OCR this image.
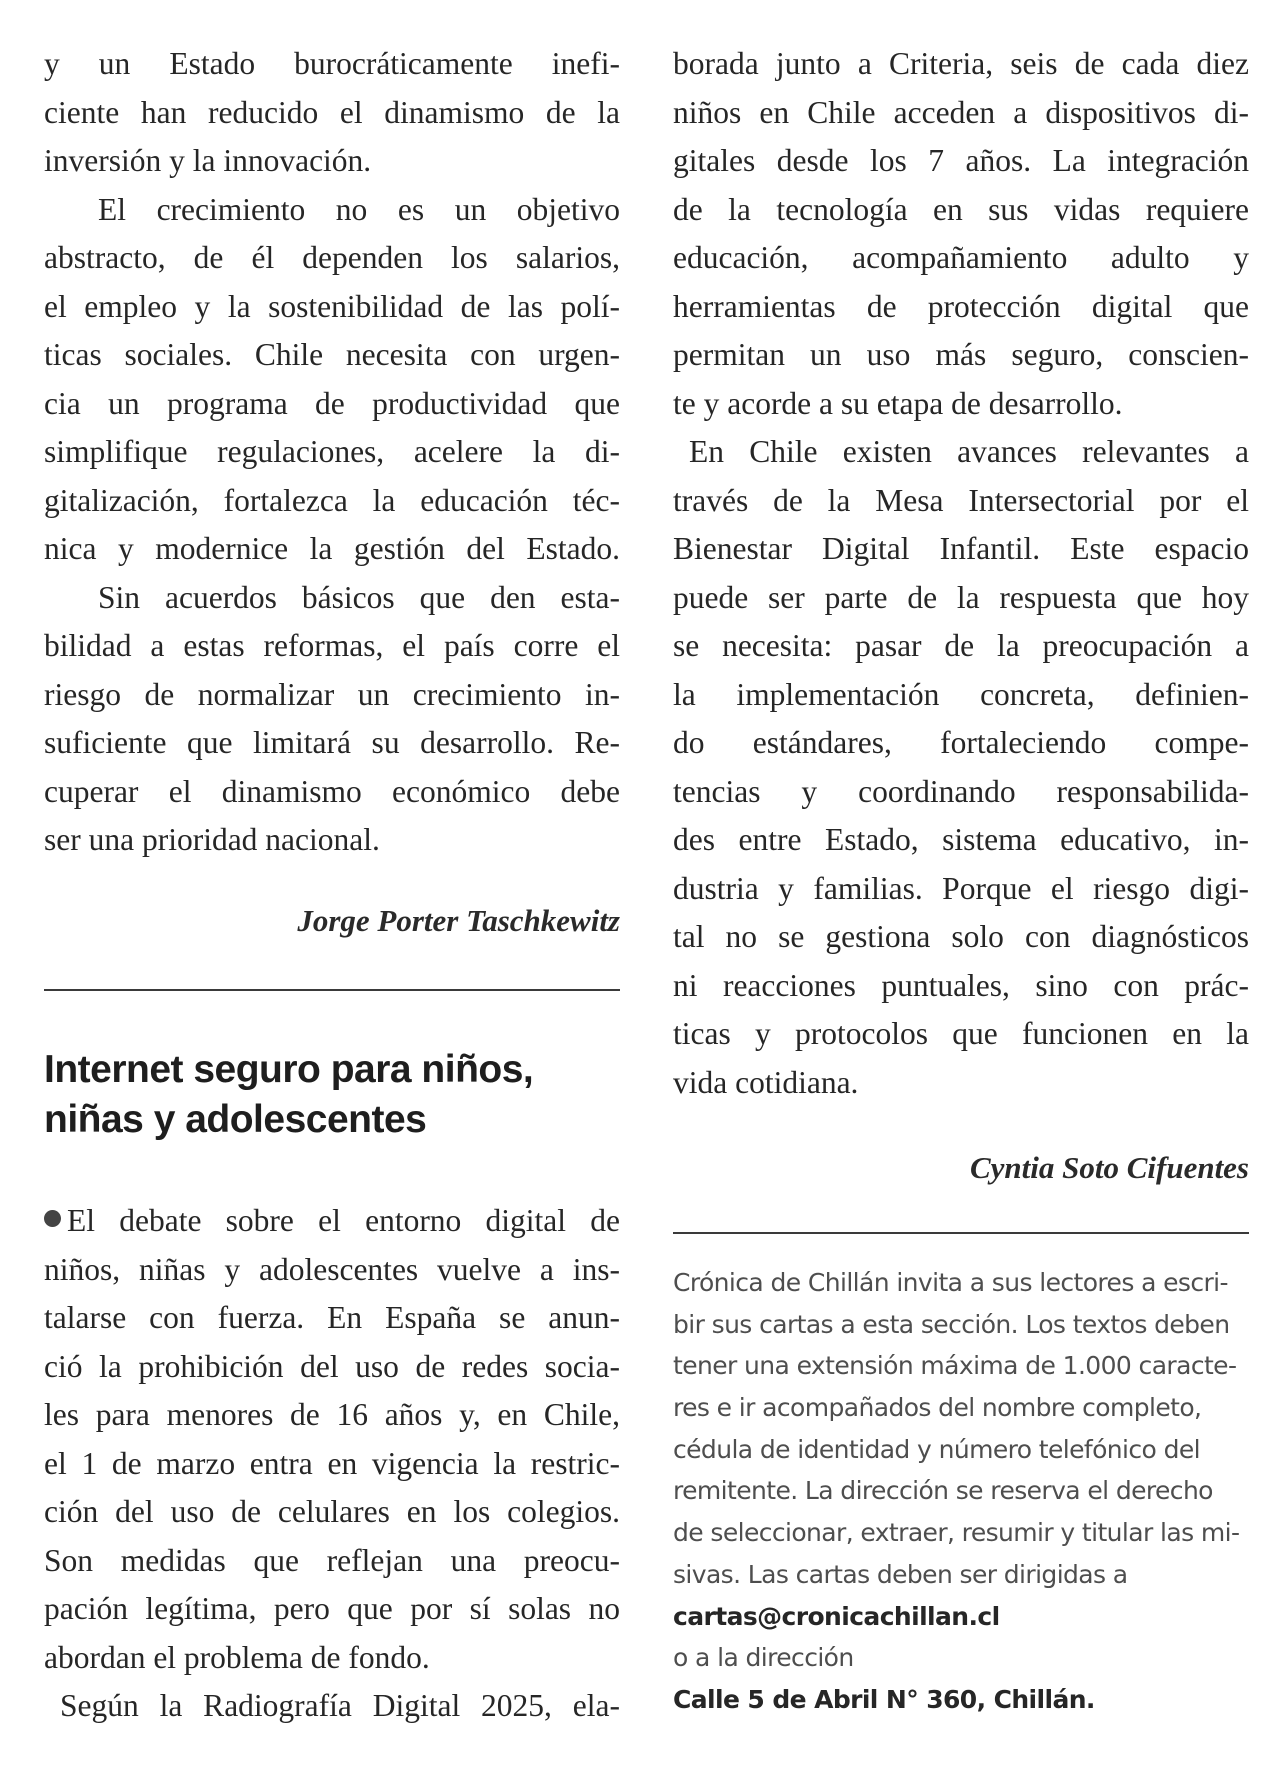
y un Estado burocráticamente inefi-
ciente han reducido el dinamismo de la
inversión y la innovación.
El crecimiento no es un objetivo
abstracto, de él dependen los salarios,
el empleo y la sostenibilidad de las polí-
ticas sociales. Chile necesita con urgen-
cia un programa de productividad que
simplifique regulaciones, acelere la di-
gitalización, fortalezca la educación téc-
nica y modernice la gestión del Estado.
Sin acuerdos básicos que den esta-
bilidad a estas reformas, el país corre el
riesgo de normalizar un crecimiento in-
suficiente que limitará su desarrollo. Re-
cuperar el dinamismo económico debe
ser una prioridad nacional.
Jorge Porter Taschkewitz
Internet seguro para niños,
niñas y adolescentes
El debate sobre el entorno digital de
niños, niñas y adolescentes vuelve a ins-
talarse con fuerza. En España se anun-
ció la prohibición del uso de redes socia-
les para menores de 16 años y, en Chile,
el 1 de marzo entra en vigencia la restric-
ción del uso de celulares en los colegios.
Son medidas que reflejan una preocu-
pación legítima, pero que por sí solas no
abordan el problema de fondo.
Según la Radiografía Digital 2025, ela-
borada junto a Criteria, seis de cada diez
niños en Chile acceden a dispositivos di-
gitales desde los 7 años. La integración
de la tecnología en sus vidas requiere
educación, acompañamiento adulto y
herramientas de protección digital que
permitan un uso más seguro, conscien-
te y acorde a su etapa de desarrollo.
En Chile existen avances relevantes a
través de la Mesa Intersectorial por el
Bienestar Digital Infantil. Este espacio
puede ser parte de la respuesta que hoy
se necesita: pasar de la preocupación a
la implementación concreta, definien-
do estándares, fortaleciendo compe-
tencias y coordinando responsabilida-
des entre Estado, sistema educativo, in-
dustria y familias. Porque el riesgo digi-
tal no se gestiona solo con diagnósticos
ni reacciones puntuales, sino con prác-
ticas y protocolos que funcionen en la
vida cotidiana.
Cyntia Soto Cifuentes
Crónica de Chillán invita a sus lectores a escri-
bir sus cartas a esta sección. Los textos deben
tener una extensión máxima de 1.000 caracte-
res e ir acompañados del nombre completo,
cédula de identidad y número telefónico del
remitente. La dirección se reserva el derecho
de seleccionar, extraer, resumir y titular las mi-
sivas. Las cartas deben ser dirigidas a
cartas@cronicachillan.cl
o a la dirección
Calle 5 de Abril N° 360, Chillán.
